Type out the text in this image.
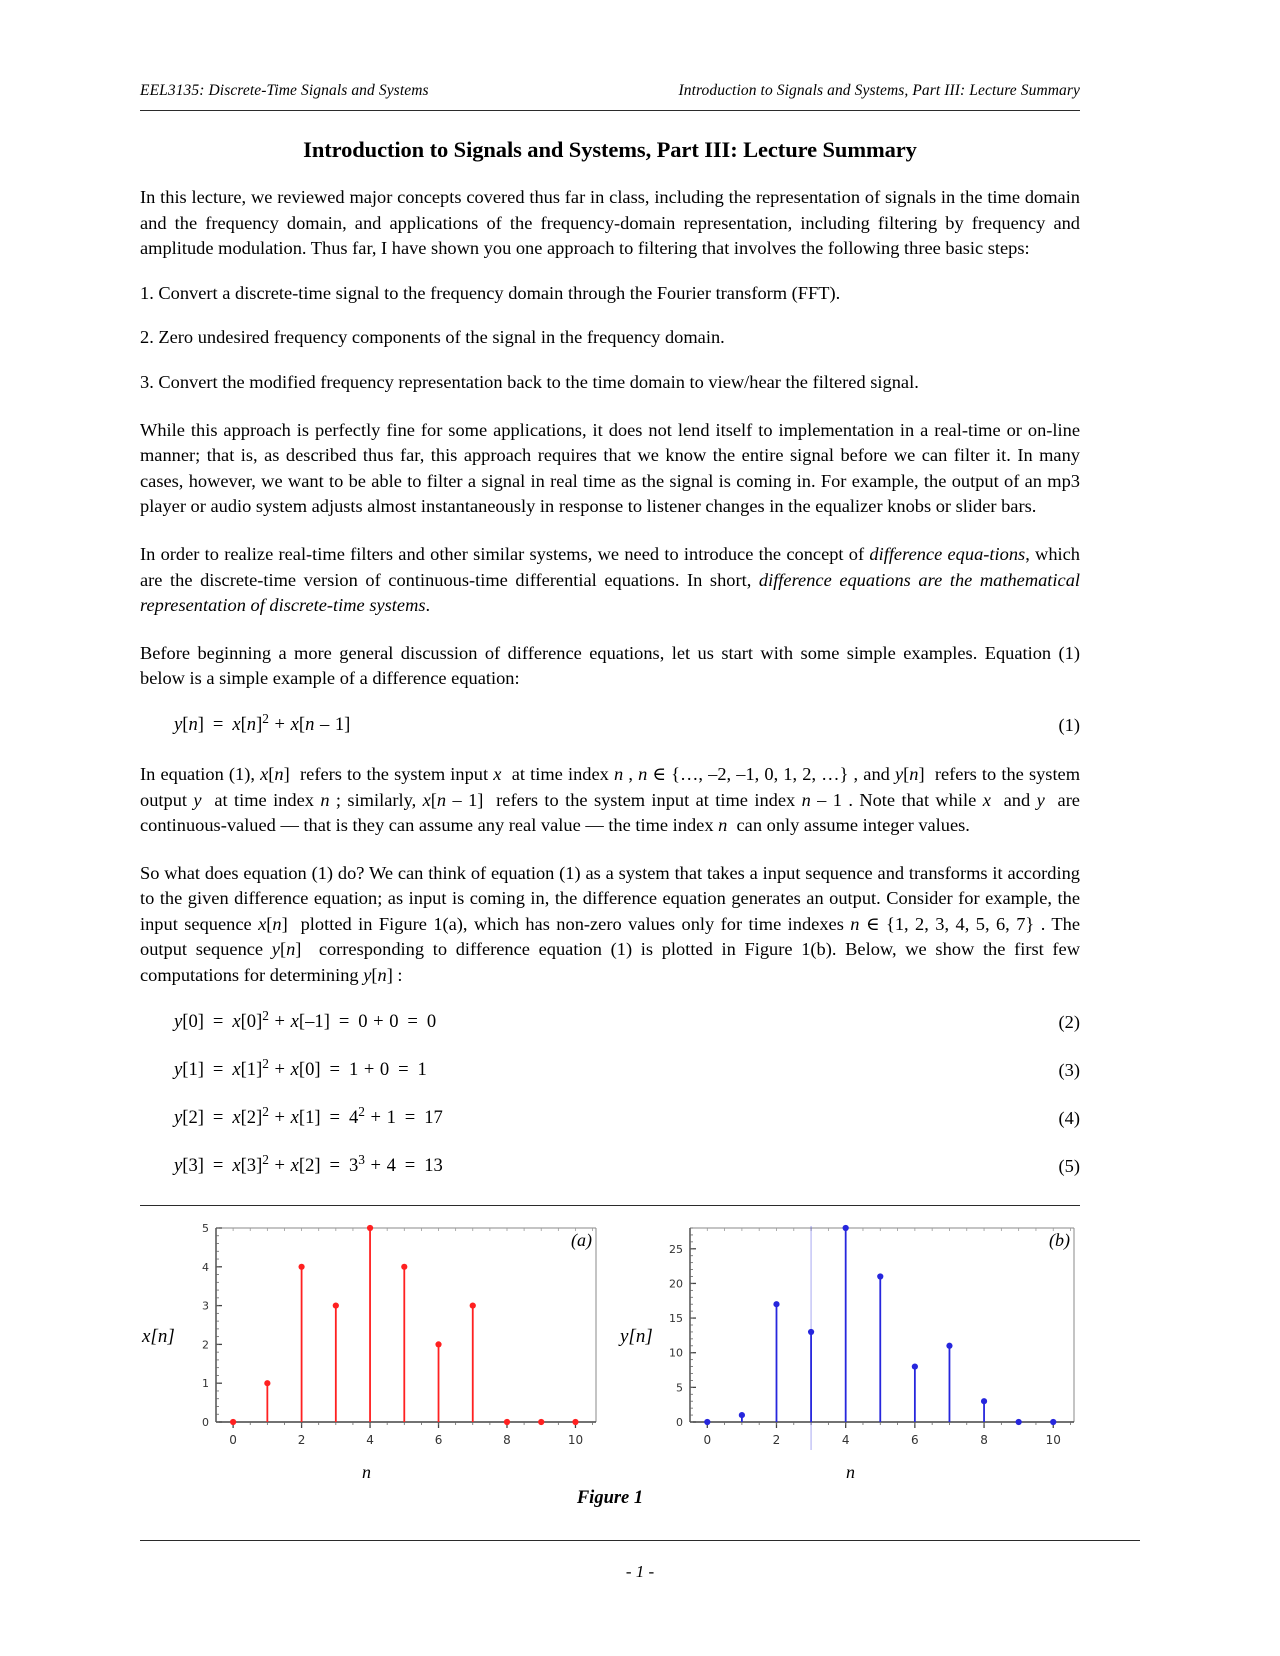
EEL3135: Discrete-Time Signals and Systems	Introduction to Signals and Systems, Part III: Lecture Summary
Introduction to Signals and Systems, Part III: Lecture Summary

In this lecture, we reviewed major concepts covered thus far in class, including the representation of signals in the time domain and the frequency domain, and applications of the frequency-domain representation, including filtering by frequency and amplitude modulation. Thus far, I have shown you one approach to filtering that involves the following three basic steps:

1. Convert a discrete-time signal to the frequency domain through the Fourier transform (FFT).

2. Zero undesired frequency components of the signal in the frequency domain.

3. Convert the modified frequency representation back to the time domain to view/hear the filtered signal.

While this approach is perfectly fine for some applications, it does not lend itself to implementation in a real-time or on-line manner; that is, as described thus far, this approach requires that we know the entire signal before we can filter it. In many cases, however, we want to be able to filter a signal in real time as the signal is coming in. For example, the output of an mp3 player or audio system adjusts almost instantaneously in response to listener changes in the equalizer knobs or slider bars.

In order to realize real-time filters and other similar systems, we need to introduce the concept of difference equa-tions, which are the discrete-time version of continuous-time differential equations. In short, difference equations are the mathematical representation of discrete-time systems.

Before beginning a more general discussion of difference equations, let us start with some simple examples. Equation (1) below is a simple example of a difference equation:

$y[n] = x[n]^2 + x[n - 1]$	(1)

In equation (1), x[n]  refers to the system input x  at time index n , n ∈ {…, –2, –1, 0, 1, 2, …} , and y[n]  refers to the system output y  at time index n ; similarly, x[n – 1]  refers to the system input at time index n – 1 . Note that while x  and y  are continuous-valued — that is they can assume any real value — the time index n  can only assume integer values.

So what does equation (1) do? We can think of equation (1) as a system that takes a input sequence and transforms it according to the given difference equation; as input is coming in, the difference equation generates an output. Consider for example, the input sequence x[n]  plotted in Figure 1(a), which has non-zero values only for time indexes n ∈ {1, 2, 3, 4, 5, 6, 7} . The output sequence y[n]  corresponding to difference equation (1) is plotted in Figure 1(b). Below, we show the first few computations for determining y[n] :

$y[0] = x[0]^2 + x[-1] = 0 + 0 = 0$	(2)
$y[1] = x[1]^2 + x[0] = 1 + 0 = 1$	(3)
$y[2] = x[2]^2 + x[1] = 4^2 + 1 = 17$	(4)
$y[3] = x[3]^2 + x[2] = 3^3 + 4 = 13$	(5)
x[n]
(a)
n
0
1
2
3
4
5
0	2	4	6	8	10
y[n]
(b)
n
0
5
10
15
20
25
0	2	4	6	8	10
Figure 1
- 1 -
